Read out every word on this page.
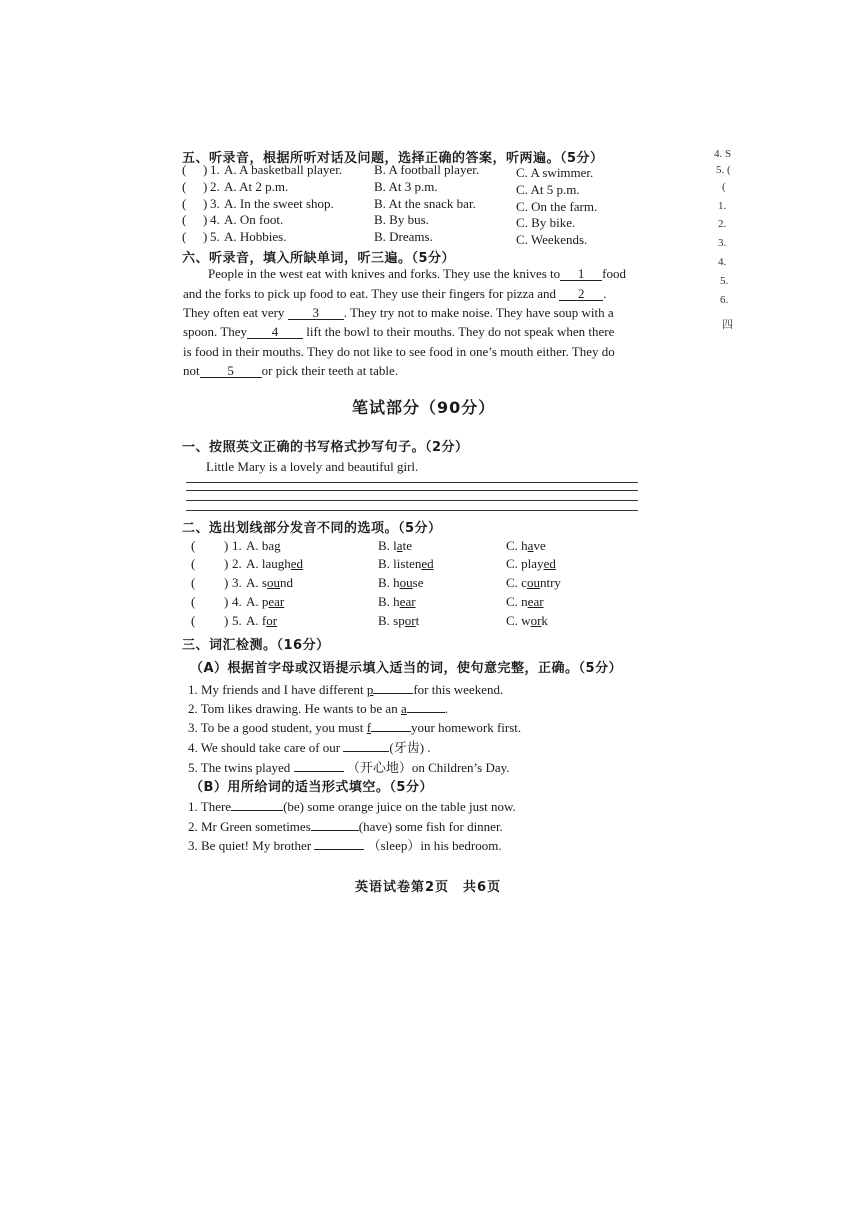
五、听录音，根据所听对话及问题，选择正确的答案，听两遍。（5分）
( ) 1. A. A basketball player. B. A football player.	C. A swimmer.
( ) 2. A. At 2 p.m.	B. At 3 p.m.	C. At 5 p.m.
( ) 3. A. In the sweet shop.	B. At the snack bar.	C. On the farm.
( ) 4. A. On foot.	B. By bus.	C. By bike.
( ) 5. A. Hobbies.	B. Dreams.	C. Weekends.
六、听录音，填入所缺单词，听三遍。（5分）
People in the west eat with knives and forks. They use the knives to 1 food
and the forks to pick up food to eat. They use their fingers for pizza and 2 .
They often eat very 3 . They try not to make noise. They have soup with a
spoon. They 4 lift the bowl to their mouths. They do not speak when there
is food in their mouths. They do not like to see food in one’s mouth either. They do
not 5 or pick their teeth at table.
笔试部分（90分）
一、按照英文正确的书写格式抄写句子。（2分）
Little Mary is a lovely and beautiful girl.
二、选出划线部分发音不同的选项。（5分）
( ) 1. A. bag	B. late	C. have
( ) 2. A. laughed	B. listened	C. played
( ) 3. A. sound	B. house	C. country
( ) 4. A. pear	B. hear	C. near
( ) 5. A. for	B. sport	C. work
三、词汇检测。（16分）
（A）根据首字母或汉语提示填入适当的词，使句意完整，正确。（5分）
1. My friends and I have different p	for this weekend.
2. Tom likes drawing. He wants to be an a	.
3. To be a good student, you must f	your homework first.
4. We should take care of our	(牙齿) .
5. The twins played	（开心地）on Children’s Day.
（B）用所给词的适当形式填空。（5分）
1. There	(be) some orange juice on the table just now.
2. Mr Green sometimes	(have) some fish for dinner.
3. Be quiet! My brother	（sleep）in his bedroom.
英语试卷第2页　共6页
4. S
5. (
(
1.
2.
3.
4.
5.
6.
四
